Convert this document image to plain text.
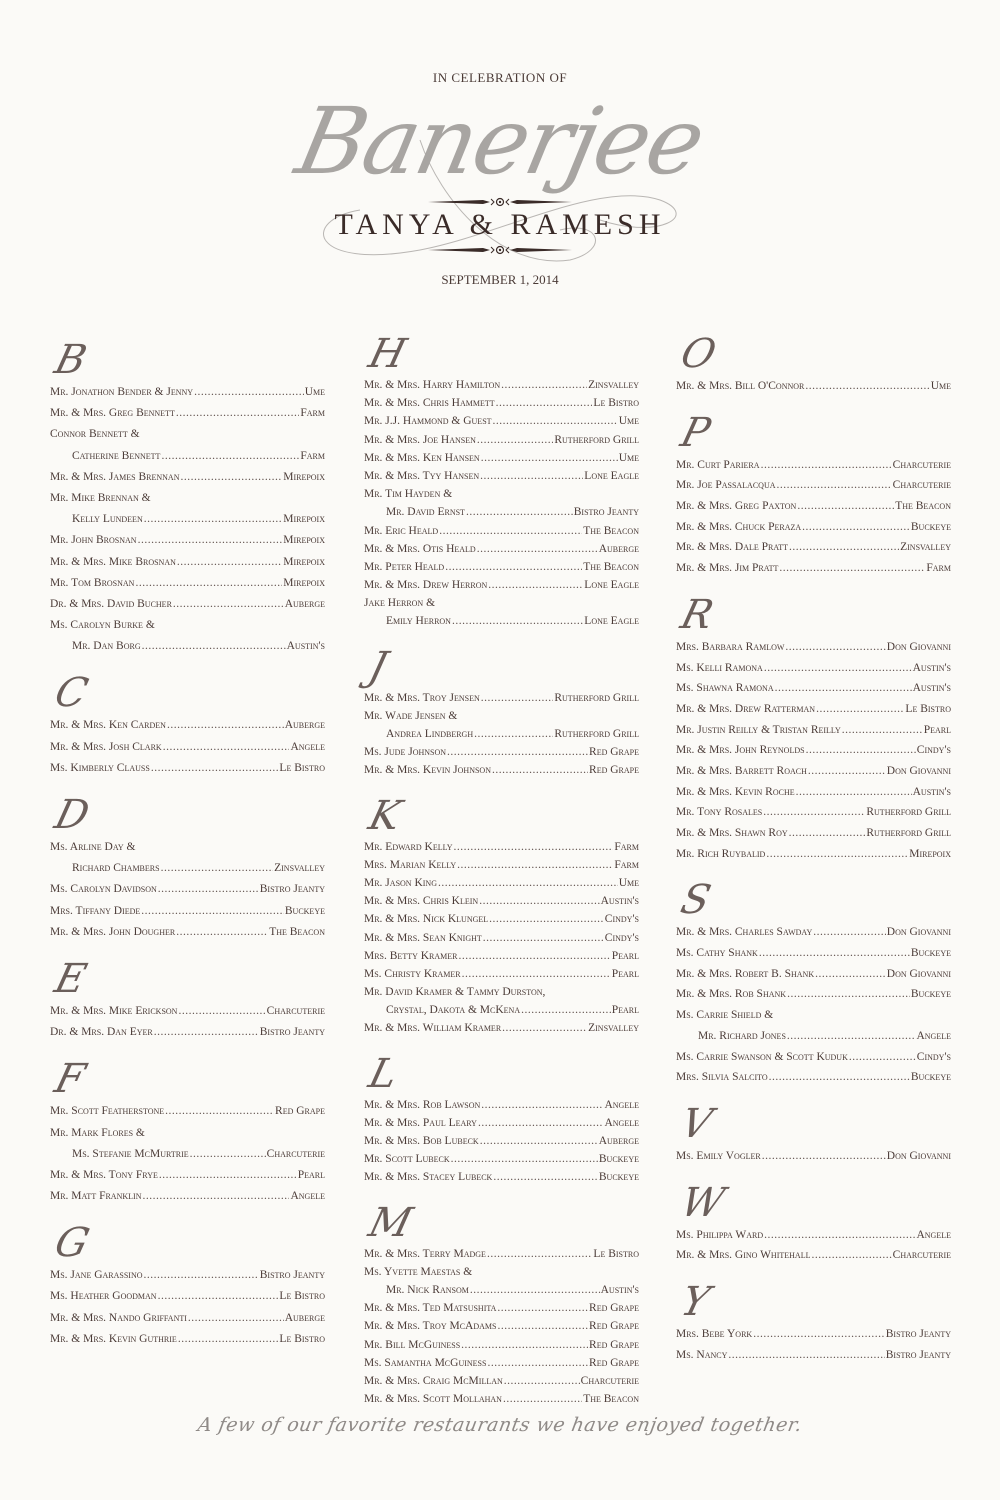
IN CELEBRATION OF
Banerjee
TANYA & RAMESH
SEPTEMBER 1, 2014
B
Mr. Jonathon Bender & Jenny .....	Ume
Mr. & Mrs. Greg Bennett .....	Farm
Connor Bennett &
Catherine Bennett .....	Farm
Mr. & Mrs. James Brennan .....	Mirepoix
Mr. Mike Brennan &
Kelly Lundeen .....	Mirepoix
Mr. John Brosnan .....	Mirepoix
Mr. & Mrs. Mike Brosnan .....	Mirepoix
Mr. Tom Brosnan .....	Mirepoix
Dr. & Mrs. David Bucher .....	Auberge
Ms. Carolyn Burke &
Mr. Dan Borg .....	Austin's
C
Mr. & Mrs. Ken Carden .....	Auberge
Mr. & Mrs. Josh Clark .....	Angele
Ms. Kimberly Clauss .....	Le Bistro
D
Ms. Arline Day &
Richard Chambers .....	Zinsvalley
Ms. Carolyn Davidson .....	Bistro Jeanty
Mrs. Tiffany Diede .....	Buckeye
Mr. & Mrs. John Dougher .....	The Beacon
E
Mr. & Mrs. Mike Erickson .....	Charcuterie
Dr. & Mrs. Dan Eyer .....	Bistro Jeanty
F
Mr. Scott Featherstone .....	Red Grape
Mr. Mark Flores &
Ms. Stefanie McMurtrie .....	Charcuterie
Mr. & Mrs. Tony Frye .....	Pearl
Mr. Matt Franklin .....	Angele
G
Ms. Jane Garassino .....	Bistro Jeanty
Ms. Heather Goodman .....	Le Bistro
Mr. & Mrs. Nando Griffanti .....	Auberge
Mr. & Mrs. Kevin Guthrie .....	Le Bistro
H
Mr. & Mrs. Harry Hamilton .....	Zinsvalley
Mr. & Mrs. Chris Hammett .....	Le Bistro
Mr. J.J. Hammond & Guest .....	Ume
Mr. & Mrs. Joe Hansen .....	Rutherford Grill
Mr. & Mrs. Ken Hansen .....	Ume
Mr. & Mrs. Tyy Hansen .....	Lone Eagle
Mr. Tim Hayden &
Mr. David Ernst .....	Bistro Jeanty
Mr. Eric Heald .....	The Beacon
Mr. & Mrs. Otis Heald .....	Auberge
Mr. Peter Heald .....	The Beacon
Mr. & Mrs. Drew Herron .....	Lone Eagle
Jake Herron &
Emily Herron .....	Lone Eagle
J
Mr. & Mrs. Troy Jensen .....	Rutherford Grill
Mr. Wade Jensen &
Andrea Lindbergh .....	Rutherford Grill
Ms. Jude Johnson .....	Red Grape
Mr. & Mrs. Kevin Johnson .....	Red Grape
K
Mr. Edward Kelly .....	Farm
Mrs. Marian Kelly .....	Farm
Mr. Jason King .....	Ume
Mr. & Mrs. Chris Klein .....	Austin's
Mr. & Mrs. Nick Klungel .....	Cindy's
Mr. & Mrs. Sean Knight .....	Cindy's
Mrs. Betty Kramer .....	Pearl
Ms. Christy Kramer .....	Pearl
Mr. David Kramer & Tammy Durston,
Crystal, Dakota & McKena .....	Pearl
Mr. & Mrs. William Kramer .....	Zinsvalley
L
Mr. & Mrs. Rob Lawson .....	Angele
Mr. & Mrs. Paul Leary .....	Angele
Mr. & Mrs. Bob Lubeck .....	Auberge
Mr. Scott Lubeck .....	Buckeye
Mr. & Mrs. Stacey Lubeck .....	Buckeye
M
Mr. & Mrs. Terry Madge .....	Le Bistro
Ms. Yvette Maestas &
Mr. Nick Ransom .....	Austin's
Mr. & Mrs. Ted Matsushita .....	Red Grape
Mr. & Mrs. Troy McAdams .....	Red Grape
Mr. Bill McGuiness .....	Red Grape
Ms. Samantha McGuiness .....	Red Grape
Mr. & Mrs. Craig McMillan .....	Charcuterie
Mr. & Mrs. Scott Mollahan .....	The Beacon
O
Mr. & Mrs. Bill O'Connor .....	Ume
P
Mr. Curt Pariera .....	Charcuterie
Mr. Joe Passalacqua .....	Charcuterie
Mr. & Mrs. Greg Paxton .....	The Beacon
Mr. & Mrs. Chuck Peraza .....	Buckeye
Mr. & Mrs. Dale Pratt .....	Zinsvalley
Mr. & Mrs. Jim Pratt .....	Farm
R
Mrs. Barbara Ramlow .....	Don Giovanni
Ms. Kelli Ramona .....	Austin's
Ms. Shawna Ramona .....	Austin's
Mr. & Mrs. Drew Ratterman .....	Le Bistro
Mr. Justin Reilly & Tristan Reilly .....	Pearl
Mr. & Mrs. John Reynolds .....	Cindy's
Mr. & Mrs. Barrett Roach .....	Don Giovanni
Mr. & Mrs. Kevin Roche .....	Austin's
Mr. Tony Rosales .....	Rutherford Grill
Mr. & Mrs. Shawn Roy .....	Rutherford Grill
Mr. Rich Ruybalid .....	Mirepoix
S
Mr. & Mrs. Charles Sawday .....	Don Giovanni
Ms. Cathy Shank .....	Buckeye
Mr. & Mrs. Robert B. Shank .....	Don Giovanni
Mr. & Mrs. Rob Shank .....	Buckeye
Ms. Carrie Shield &
Mr. Richard Jones .....	Angele
Ms. Carrie Swanson & Scott Kuduk .....	Cindy's
Mrs. Silvia Salcito .....	Buckeye
V
Ms. Emily Vogler .....	Don Giovanni
W
Ms. Philippa Ward .....	Angele
Mr. & Mrs. Gino Whitehall .....	Charcuterie
Y
Mrs. Bebe York .....	Bistro Jeanty
Ms. Nancy .....	Bistro Jeanty
A few of our favorite restaurants we have enjoyed together.
